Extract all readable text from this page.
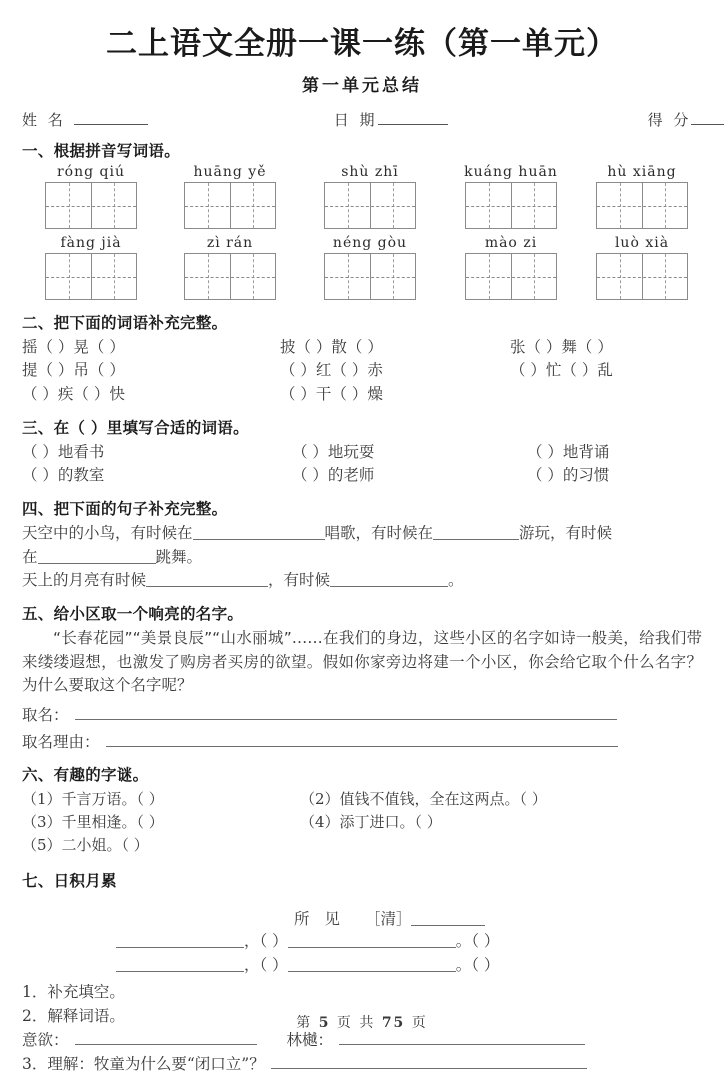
二上语文全册一课一练（第一单元）
第一单元总结
姓 名	日 期	得 分
一、根据拼音写词语。
róng qiú	huāng yě	shù zhī	kuáng huān	hù xiāng
fàng jià	zì rán	néng gòu	mào zi	luò xià
二、把下面的词语补充完整。
摇（ ）晃（ ）	披（ ）散（ ）	张（ ）舞（ ）
提（ ）吊（ ）	（ ）红（ ）赤	（ ）忙（ ）乱
（ ）疾（ ）快	（ ）干（ ）燥
三、在（ ）里填写合适的词语。
（ ）地看书	（ ）地玩耍	（ ）地背诵
（ ）的教室	（ ）的老师	（ ）的习惯
四、把下面的句子补充完整。
天空中的小鸟，有时候在	唱歌，有时候在	游玩，有时候
在	跳舞。
天上的月亮有时候	，有时候	。
五、给小区取一个响亮的名字。
“长春花园”“美景良辰”“山水丽城”……在我们的身边，这些小区的名字如诗一般美，给我们带来缕缕遐想，也激发了购房者买房的欲望。假如你家旁边将建一个小区，你会给它取个什么名字？为什么要取这个名字呢？
取名：
取名理由：
六、有趣的字谜。
（1）千言万语。（ ）	（2）值钱不值钱，全在这两点。（ ）
（3）千里相逢。（ ）	（4）添丁进口。（ ）
（5）二小姐。（ ）
七、日积月累
所 见 ［清］
，（ ）	。（ ）
，（ ）	。（ ）
1．补充填空。
2．解释词语。
意欲：	林樾：
3．理解：牧童为什么要“闭口立”？
第 5 页 共 75 页
